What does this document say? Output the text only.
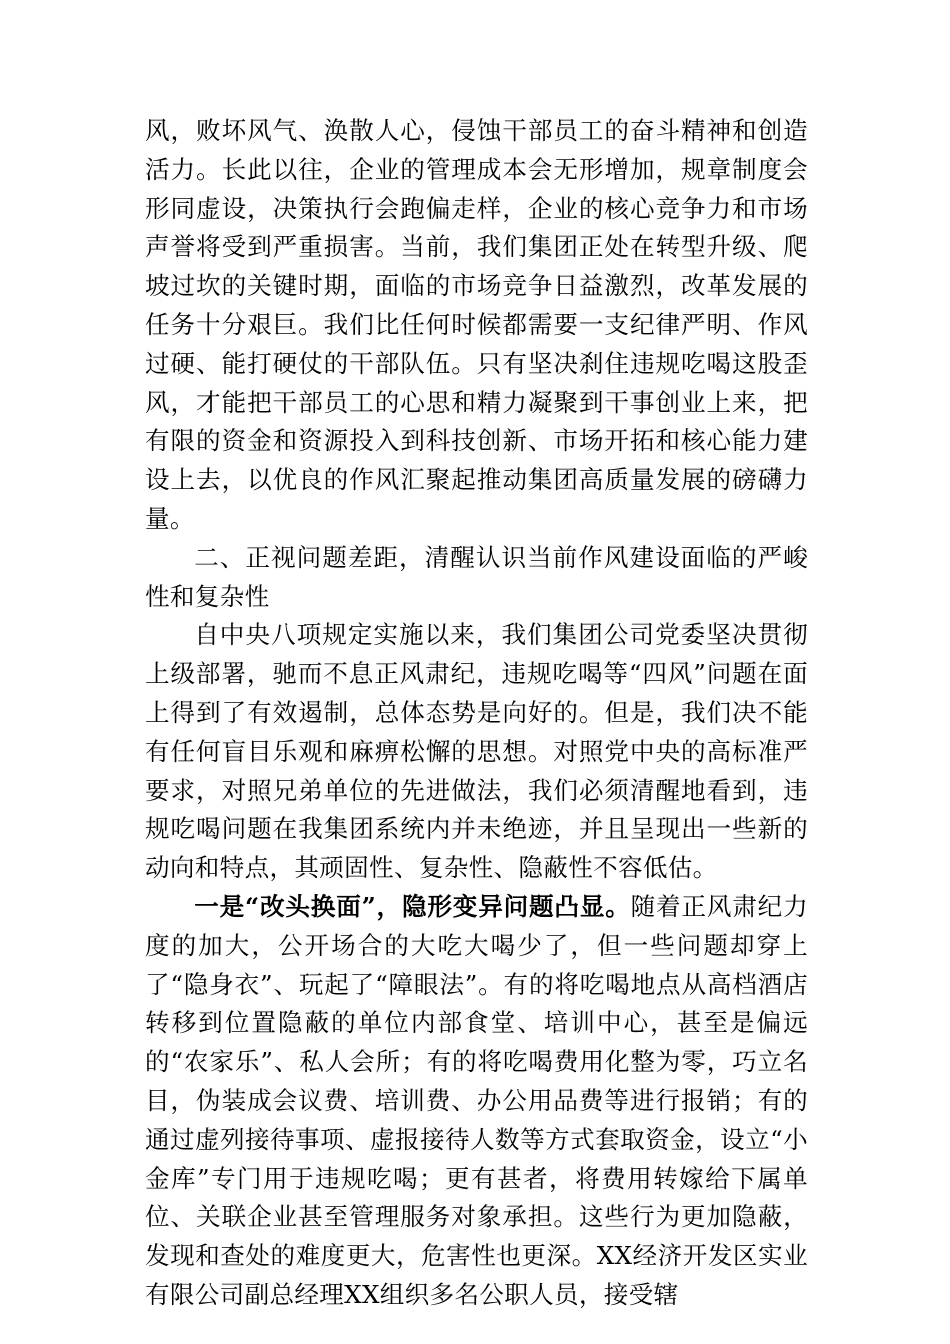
风，败坏风气、涣散人心，侵蚀干部员工的奋斗精神和创造活力。长此以往，企业的管理成本会无形增加，规章制度会形同虚设，决策执行会跑偏走样，企业的核心竞争力和市场声誉将受到严重损害。当前，我们集团正处在转型升级、爬坡过坎的关键时期，面临的市场竞争日益激烈，改革发展的任务十分艰巨。我们比任何时候都需要一支纪律严明、作风过硬、能打硬仗的干部队伍。只有坚决刹住违规吃喝这股歪风，才能把干部员工的心思和精力凝聚到干事创业上来，把有限的资金和资源投入到科技创新、市场开拓和核心能力建设上去，以优良的作风汇聚起推动集团高质量发展的磅礴力量。

二、正视问题差距，清醒认识当前作风建设面临的严峻性和复杂性

自中央八项规定实施以来，我们集团公司党委坚决贯彻上级部署，驰而不息正风肃纪，违规吃喝等“四风”问题在面上得到了有效遏制，总体态势是向好的。但是，我们决不能有任何盲目乐观和麻痹松懈的思想。对照党中央的高标准严要求，对照兄弟单位的先进做法，我们必须清醒地看到，违规吃喝问题在我集团系统内并未绝迹，并且呈现出一些新的动向和特点，其顽固性、复杂性、隐蔽性不容低估。

一是“改头换面”，隐形变异问题凸显。随着正风肃纪力度的加大，公开场合的大吃大喝少了，但一些问题却穿上了“隐身衣”、玩起了“障眼法”。有的将吃喝地点从高档酒店转移到位置隐蔽的单位内部食堂、培训中心，甚至是偏远的“农家乐”、私人会所；有的将吃喝费用化整为零，巧立名目，伪装成会议费、培训费、办公用品费等进行报销；有的通过虚列接待事项、虚报接待人数等方式套取资金，设立“小金库”专门用于违规吃喝；更有甚者，将费用转嫁给下属单位、关联企业甚至管理服务对象承担。这些行为更加隐蔽，发现和查处的难度更大，危害性也更深。XX经济开发区实业有限公司副总经理XX组织多名公职人员，接受辖
